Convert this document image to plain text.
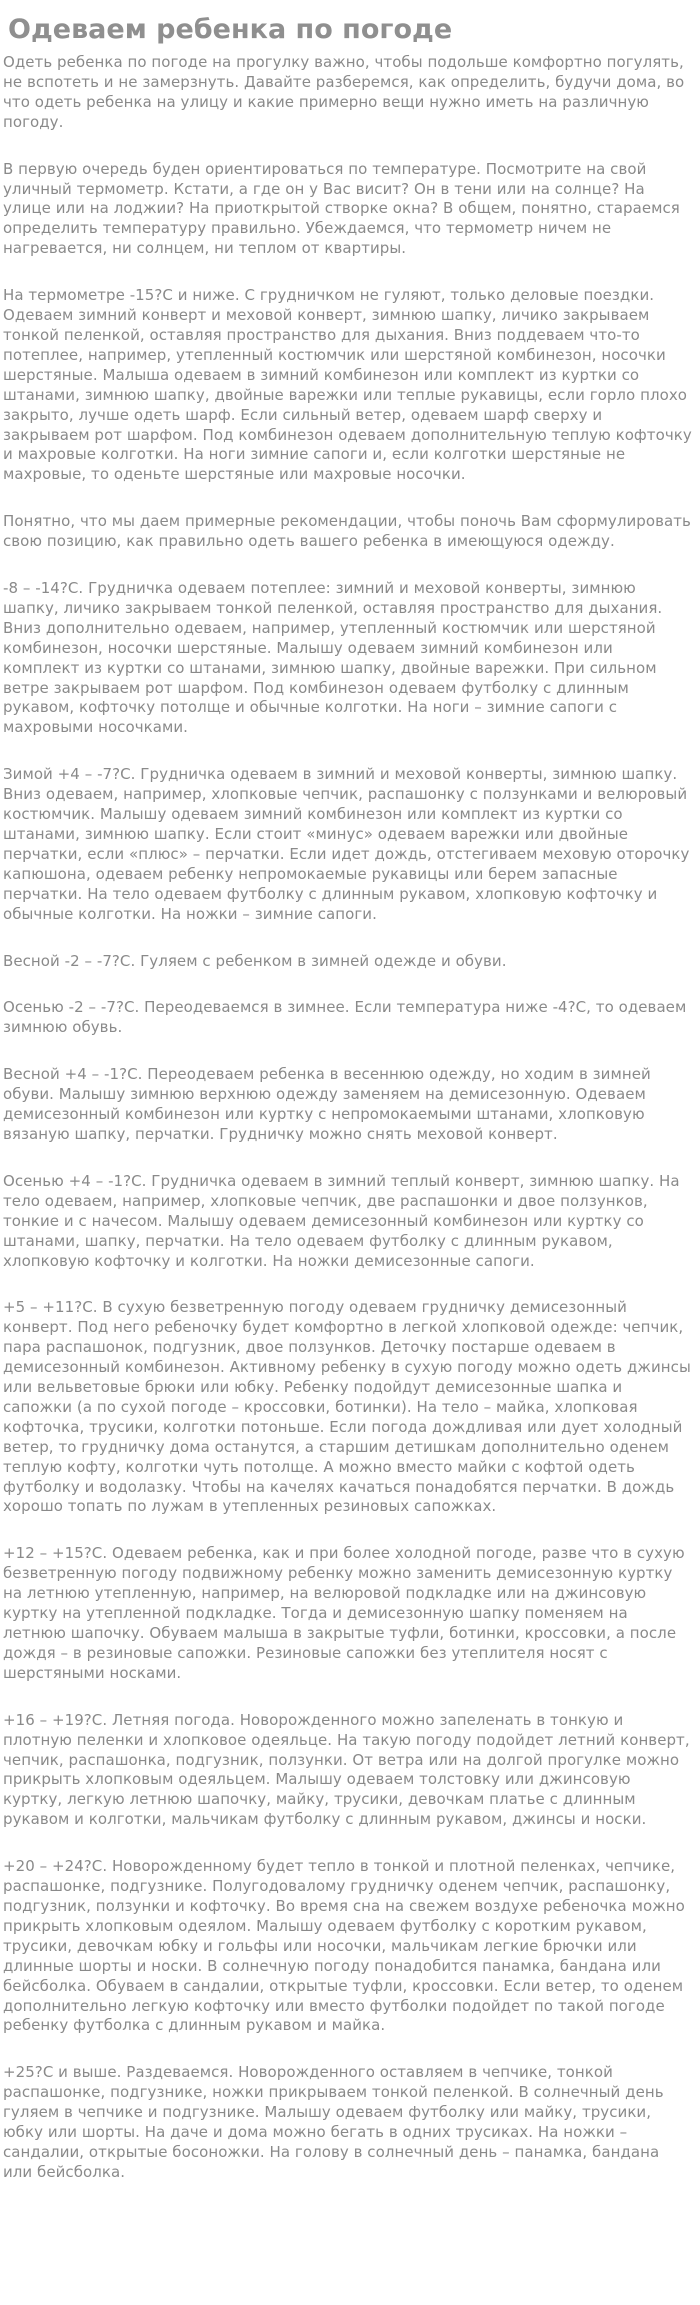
Одеваем ребенка по погоде

Одеть ребенка по погоде на прогулку важно, чтобы подольше комфортно погулять, не вспотеть и не замерзнуть. Давайте разберемся, как определить, будучи дома, во что одеть ребенка на улицу и какие примерно вещи нужно иметь на различную погоду.

В первую очередь буден ориентироваться по температуре. Посмотрите на свой уличный термометр. Кстати, а где он у Вас висит? Он в тени или на солнце? На улице или на лоджии? На приоткрытой створке окна? В общем, понятно, стараемся определить температуру правильно. Убеждаемся, что термометр ничем не нагревается, ни солнцем, ни теплом от квартиры.

На термометре -15?С и ниже. С грудничком не гуляют, только деловые поездки. Одеваем зимний конверт и меховой конверт, зимнюю шапку, личико закрываем тонкой пеленкой, оставляя пространство для дыхания. Вниз поддеваем что-то потеплее, например, утепленный костюмчик или шерстяной комбинезон, носочки шерстяные. Малыша одеваем в зимний комбинезон или комплект из куртки со штанами, зимнюю шапку, двойные варежки или теплые рукавицы, если горло плохо закрыто, лучше одеть шарф. Если сильный ветер, одеваем шарф сверху и закрываем рот шарфом. Под комбинезон одеваем дополнительную теплую кофточку и махровые колготки. На ноги зимние сапоги и, если колготки шерстяные не махровые, то оденьте шерстяные или махровые носочки.

Понятно, что мы даем примерные рекомендации, чтобы поночь Вам сформулировать свою позицию, как правильно одеть вашего ребенка в имеющуюся одежду.

-8 – -14?С. Грудничка одеваем потеплее: зимний и меховой конверты, зимнюю шапку, личико закрываем тонкой пеленкой, оставляя пространство для дыхания. Вниз дополнительно одеваем, например, утепленный костюмчик или шерстяной комбинезон, носочки шерстяные. Малышу одеваем зимний комбинезон или комплект из куртки со штанами, зимнюю шапку, двойные варежки. При сильном ветре закрываем рот шарфом. Под комбинезон одеваем футболку с длинным рукавом, кофточку потолще и обычные колготки. На ноги – зимние сапоги с махровыми носочками.

Зимой +4 – -7?С. Грудничка одеваем в зимний и меховой конверты, зимнюю шапку. Вниз одеваем, например, хлопковые чепчик, распашонку с ползунками и велюровый костюмчик. Малышу одеваем зимний комбинезон или комплект из куртки со штанами, зимнюю шапку. Если стоит «минус» одеваем варежки или двойные перчатки, если «плюс» – перчатки. Если идет дождь, отстегиваем меховую оторочку капюшона, одеваем ребенку непромокаемые рукавицы или берем запасные перчатки. На тело одеваем футболку с длинным рукавом, хлопковую кофточку и обычные колготки. На ножки – зимние сапоги.

Весной -2 – -7?С. Гуляем с ребенком в зимней одежде и обуви.

Осенью -2 – -7?С. Переодеваемся в зимнее. Если температура ниже -4?С, то одеваем зимнюю обувь.

Весной +4 – -1?С. Переодеваем ребенка в весеннюю одежду, но ходим в зимней обуви. Малышу зимнюю верхнюю одежду заменяем на демисезонную. Одеваем демисезонный комбинезон или куртку с непромокаемыми штанами, хлопковую вязаную шапку, перчатки. Грудничку можно снять меховой конверт.

Осенью +4 – -1?С. Грудничка одеваем в зимний теплый конверт, зимнюю шапку. На тело одеваем, например, хлопковые чепчик, две распашонки и двое ползунков, тонкие и с начесом. Малышу одеваем демисезонный комбинезон или куртку со штанами, шапку, перчатки. На тело одеваем футболку с длинным рукавом, хлопковую кофточку и колготки. На ножки демисезонные сапоги.

+5 – +11?С. В сухую безветренную погоду одеваем грудничку демисезонный конверт. Под него ребеночку будет комфортно в легкой хлопковой одежде: чепчик, пара распашонок, подгузник, двое ползунков. Деточку постарше одеваем в демисезонный комбинезон. Активному ребенку в сухую погоду можно одеть джинсы или вельветовые брюки или юбку. Ребенку подойдут демисезонные шапка и сапожки (а по сухой погоде – кроссовки, ботинки). На тело – майка, хлопковая кофточка, трусики, колготки потоньше. Если погода дождливая или дует холодный ветер, то грудничку дома останутся, а старшим детишкам дополнительно оденем теплую кофту, колготки чуть потолще. А можно вместо майки с кофтой одеть футболку и водолазку. Чтобы на качелях качаться понадобятся перчатки. В дождь хорошо топать по лужам в утепленных резиновых сапожках.

+12 – +15?С. Одеваем ребенка, как и при более холодной погоде, разве что в сухую безветренную погоду подвижному ребенку можно заменить демисезонную куртку на летнюю утепленную, например, на велюровой подкладке или на джинсовую куртку на утепленной подкладке. Тогда и демисезонную шапку поменяем на летнюю шапочку. Обуваем малыша в закрытые туфли, ботинки, кроссовки, а после дождя – в резиновые сапожки. Резиновые сапожки без утеплителя носят с шерстяными носками.

+16 – +19?С. Летняя погода. Новорожденного можно запеленать в тонкую и плотную пеленки и хлопковое одеяльце. На такую погоду подойдет летний конверт, чепчик, распашонка, подгузник, ползунки. От ветра или на долгой прогулке можно прикрыть хлопковым одеяльцем. Малышу одеваем толстовку или джинсовую куртку, легкую летнюю шапочку, майку, трусики, девочкам платье с длинным рукавом и колготки, мальчикам футболку с длинным рукавом, джинсы и носки.

+20 – +24?С. Новорожденному будет тепло в тонкой и плотной пеленках, чепчике, распашонке, подгузнике. Полугодовалому грудничку оденем чепчик, распашонку, подгузник, ползунки и кофточку. Во время сна на свежем воздухе ребеночка можно прикрыть хлопковым одеялом. Малышу одеваем футболку с коротким рукавом, трусики, девочкам юбку и гольфы или носочки, мальчикам легкие брючки или длинные шорты и носки. В солнечную погоду понадобится панамка, бандана или бейсболка. Обуваем в сандалии, открытые туфли, кроссовки. Если ветер, то оденем дополнительно легкую кофточку или вместо футболки подойдет по такой погоде ребенку футболка с длинным рукавом и майка.

+25?С и выше. Раздеваемся. Новорожденного оставляем в чепчике, тонкой распашонке, подгузнике, ножки прикрываем тонкой пеленкой. В солнечный день гуляем в чепчике и подгузнике. Малышу одеваем футболку или майку, трусики, юбку или шорты. На даче и дома можно бегать в одних трусиках. На ножки – сандалии, открытые босоножки. На голову в солнечный день – панамка, бандана или бейсболка.
